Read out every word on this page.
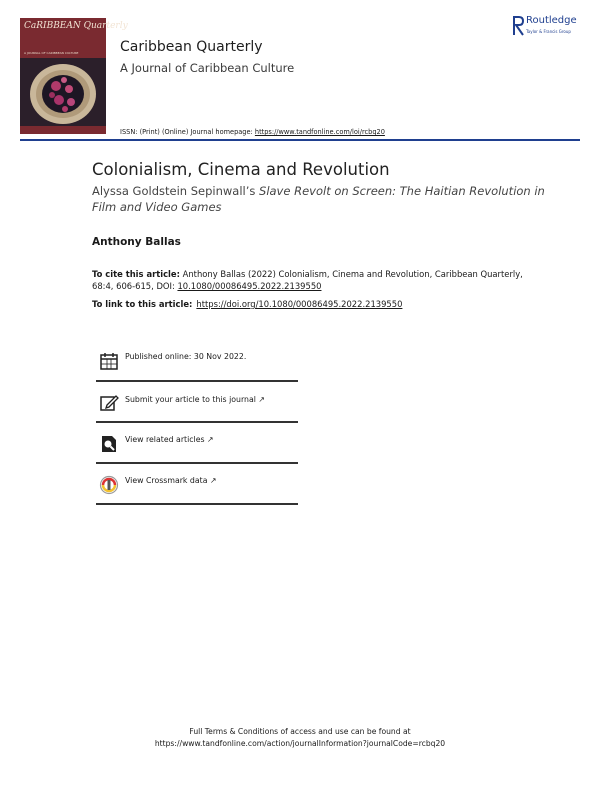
CaRIBBEAN Quarterly
A JOURNAL OF CARIBBEAN CULTURE	Caribbean Quarterly
A Journal of Caribbean Culture
ISSN: (Print) (Online) Journal homepage: https://www.tandfonline.com/loi/rcbq20
Routledge
Taylor & Francis Group
Colonialism, Cinema and Revolution
Alyssa Goldstein Sepinwall’s Slave Revolt on Screen: The Haitian Revolution in Film and Video Games
Anthony Ballas
To cite this article: Anthony Ballas (2022) Colonialism, Cinema and Revolution, Caribbean Quarterly, 68:4, 606-615, DOI: 10.1080/00086495.2022.2139550
To link to this article: https://doi.org/10.1080/00086495.2022.2139550
Published online: 30 Nov 2022.
Submit your article to this journal ↗
View related articles ↗
View Crossmark data ↗
Full Terms & Conditions of access and use can be found at
https://www.tandfonline.com/action/journalInformation?journalCode=rcbq20
